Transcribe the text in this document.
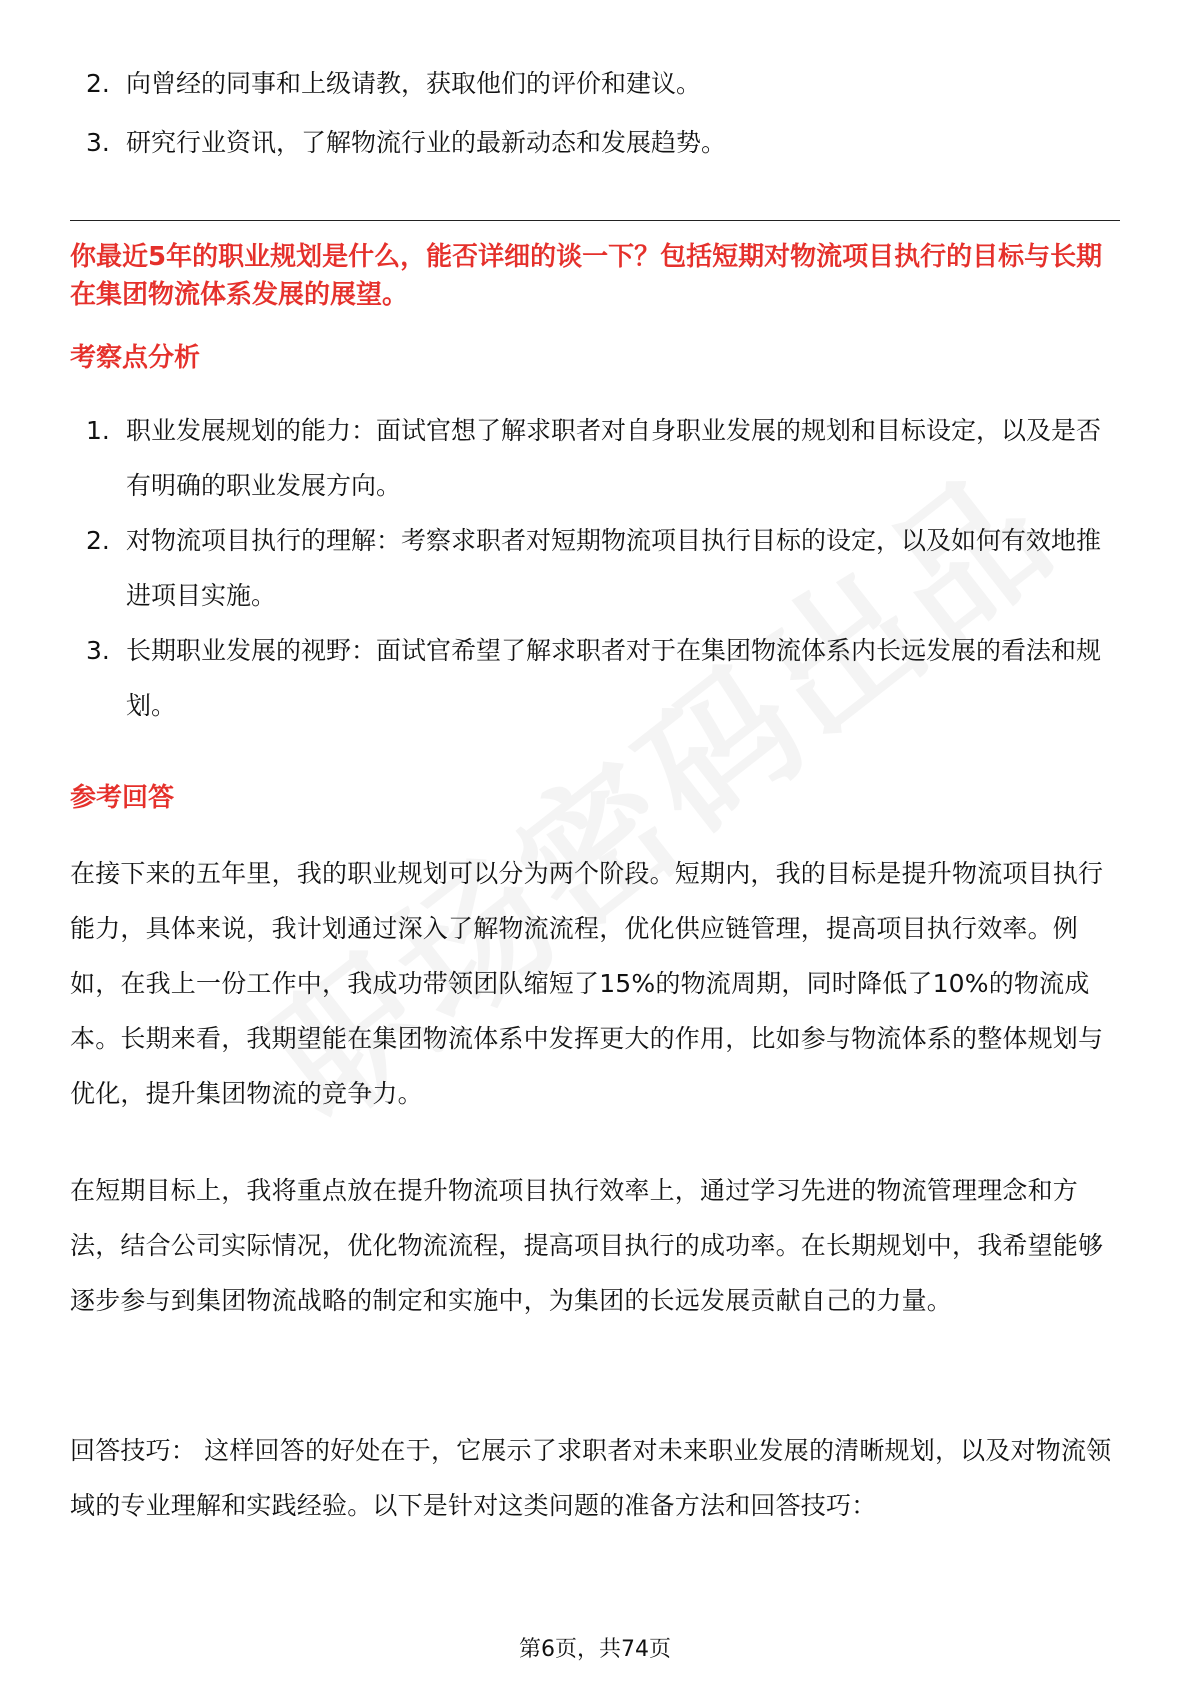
2. 向曾经的同事和上级请教，获取他们的评价和建议。
3. 研究行业资讯，了解物流行业的最新动态和发展趋势。
你最近5年的职业规划是什么，能否详细的谈一下？包括短期对物流项目执行的目标与长期在集团物流体系发展的展望。
考察点分析
1. 职业发展规划的能力：面试官想了解求职者对自身职业发展的规划和目标设定，以及是否有明确的职业发展方向。
2. 对物流项目执行的理解：考察求职者对短期物流项目执行目标的设定，以及如何有效地推进项目实施。
3. 长期职业发展的视野：面试官希望了解求职者对于在集团物流体系内长远发展的看法和规划。
参考回答

在接下来的五年里，我的职业规划可以分为两个阶段。短期内，我的目标是提升物流项目执行能力，具体来说，我计划通过深入了解物流流程，优化供应链管理，提高项目执行效率。例如，在我上一份工作中，我成功带领团队缩短了15%的物流周期，同时降低了10%的物流成本。长期来看，我期望能在集团物流体系中发挥更大的作用，比如参与物流体系的整体规划与优化，提升集团物流的竞争力。

在短期目标上，我将重点放在提升物流项目执行效率上，通过学习先进的物流管理理念和方法，结合公司实际情况，优化物流流程，提高项目执行的成功率。在长期规划中，我希望能够逐步参与到集团物流战略的制定和实施中，为集团的长远发展贡献自己的力量。

回答技巧： 这样回答的好处在于，它展示了求职者对未来职业发展的清晰规划，以及对物流领域的专业理解和实践经验。以下是针对这类问题的准备方法和回答技巧：

第6页，共74页
